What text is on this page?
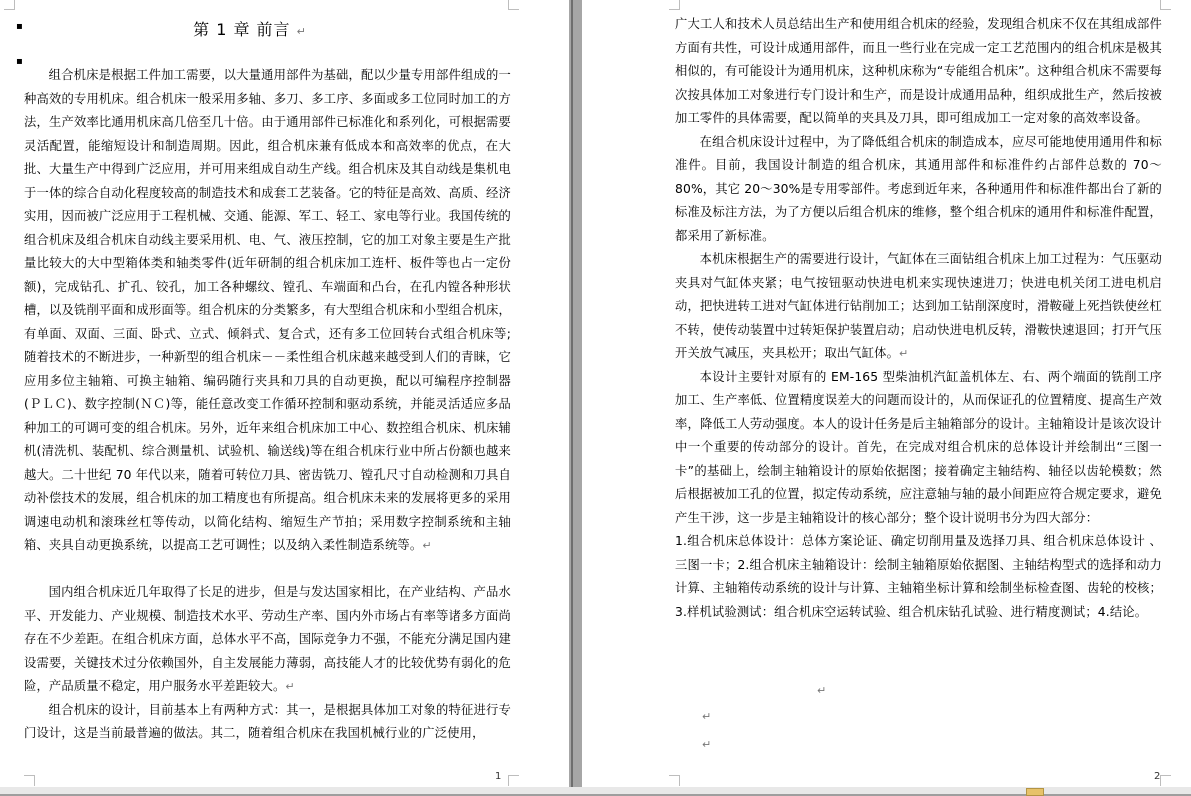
▪
▪
第 1 章 前言 ↵

组合机床是根据工件加工需要，以大量通用部件为基础，配以少量专用部件组成的一种高效的专用机床。组合机床一般采用多轴、多刀、多工序、多面或多工位同时加工的方法，生产效率比通用机床高几倍至几十倍。由于通用部件已标准化和系列化，可根据需要灵活配置，能缩短设计和制造周期。因此，组合机床兼有低成本和高效率的优点，在大批、大量生产中得到广泛应用，并可用来组成自动生产线。组合机床及其自动线是集机电于一体的综合自动化程度较高的制造技术和成套工艺装备。它的特征是高效、高质、经济实用，因而被广泛应用于工程机械、交通、能源、军工、轻工、家电等行业。我国传统的组合机床及组合机床自动线主要采用机、电、气、液压控制，它的加工对象主要是生产批量比较大的大中型箱体类和轴类零件(近年研制的组合机床加工连杆、板件等也占一定份额)，完成钻孔、扩孔、铰孔，加工各种螺纹、镗孔、车端面和凸台，在孔内镗各种形状槽，以及铣削平面和成形面等。组合机床的分类繁多，有大型组合机床和小型组合机床，有单面、双面、三面、卧式、立式、倾斜式、复合式，还有多工位回转台式组合机床等;随着技术的不断进步，一种新型的组合机床－－柔性组合机床越来越受到人们的青睐，它应用多位主轴箱、可换主轴箱、编码随行夹具和刀具的自动更换，配以可编程序控制器(ＰＬＣ)、数字控制(ＮＣ)等，能任意改变工作循环控制和驱动系统，并能灵活适应多品种加工的可调可变的组合机床。另外，近年来组合机床加工中心、数控组合机床、机床辅机(清洗机、装配机、综合测量机、试验机、输送线)等在组合机床行业中所占份额也越来越大。二十世纪 70 年代以来，随着可转位刀具、密齿铣刀、镗孔尺寸自动检测和刀具自动补偿技术的发展，组合机床的加工精度也有所提高。组合机床未来的发展将更多的采用调速电动机和滚珠丝杠等传动，以简化结构、缩短生产节拍；采用数字控制系统和主轴箱、夹具自动更换系统，以提高工艺可调性；以及纳入柔性制造系统等。↵

国内组合机床近几年取得了长足的进步，但是与发达国家相比，在产业结构、产品水平、开发能力、产业规模、制造技术水平、劳动生产率、国内外市场占有率等诸多方面尚存在不少差距。在组合机床方面，总体水平不高，国际竞争力不强，不能充分满足国内建设需要，关键技术过分依赖国外，自主发展能力薄弱，高技能人才的比较优势有弱化的危险，产品质量不稳定，用户服务水平差距较大。↵

组合机床的设计，目前基本上有两种方式：其一，是根据具体加工对象的特征进行专门设计，这是当前最普遍的做法。其二，随着组合机床在我国机械行业的广泛使用，

1

广大工人和技术人员总结出生产和使用组合机床的经验，发现组合机床不仅在其组成部件方面有共性，可设计成通用部件，而且一些行业在完成一定工艺范围内的组合机床是极其相似的，有可能设计为通用机床，这种机床称为“专能组合机床”。这种组合机床不需要每次按具体加工对象进行专门设计和生产，而是设计成通用品种，组织成批生产，然后按被加工零件的具体需要，配以简单的夹具及刀具，即可组成加工一定对象的高效率设备。

在组合机床设计过程中，为了降低组合机床的制造成本，应尽可能地使用通用件和标准件。目前，我国设计制造的组合机床，其通用部件和标准件约占部件总数的 70～80%，其它 20～30%是专用零部件。考虑到近年来，各种通用件和标准件都出台了新的标准及标注方法，为了方便以后组合机床的维修，整个组合机床的通用件和标准件配置，都采用了新标准。

本机床根据生产的需要进行设计，气缸体在三面钻组合机床上加工过程为：气压驱动夹具对气缸体夹紧；电气按钮驱动快进电机来实现快速进刀；快进电机关闭工进电机启动，把快进转工进对气缸体进行钻削加工；达到加工钻削深度时，滑鞍碰上死挡铁使丝杠不转，使传动装置中过转矩保护装置启动；启动快进电机反转，滑鞍快速退回；打开气压开关放气减压，夹具松开；取出气缸体。↵

本设计主要针对原有的 EM-165 型柴油机汽缸盖机体左、右、两个端面的铣削工序加工、生产率低、位置精度误差大的问题而设计的，从而保证孔的位置精度、提高生产效率，降低工人劳动强度。本人的设计任务是后主轴箱部分的设计。主轴箱设计是该次设计中一个重要的传动部分的设计。首先，在完成对组合机床的总体设计并绘制出“三图一卡”的基础上，绘制主轴箱设计的原始依据图；接着确定主轴结构、轴径以齿轮模数；然后根据被加工孔的位置，拟定传动系统，应注意轴与轴的最小间距应符合规定要求，避免产生干涉，这一步是主轴箱设计的核心部分；整个设计说明书分为四大部分：

1.组合机床总体设计：总体方案论证、确定切削用量及选择刀具、组合机床总体设计 、三图一卡；2.组合机床主轴箱设计：绘制主轴箱原始依据图、主轴结构型式的选择和动力计算、主轴箱传动系统的设计与计算、主轴箱坐标计算和绘制坐标检查图、齿轮的校核； 3.样机试验测试：组合机床空运转试验、组合机床钻孔试验、进行精度测试；4.结论。

↵
↵
↵
2
